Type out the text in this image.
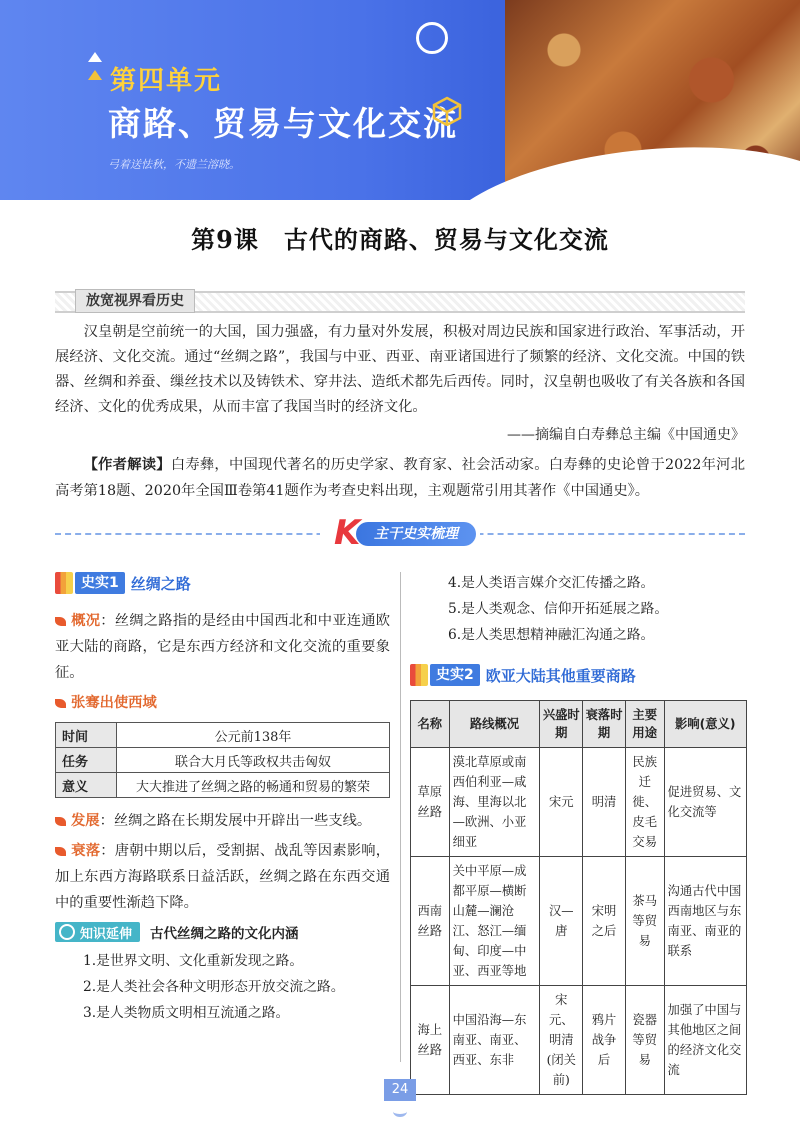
第四单元
商路、贸易与文化交流
弓着送怯秋，不遗兰溶晓。
第9课　古代的商路、贸易与文化交流
放宽视界看历史
汉皇朝是空前统一的大国，国力强盛，有力量对外发展，积极对周边民族和国家进行政治、军事活动，开展经济、文化交流。通过“丝绸之路”，我国与中亚、西亚、南亚诸国进行了频繁的经济、文化交流。中国的铁器、丝绸和养蚕、缫丝技术以及铸铁术、穿井法、造纸术都先后西传。同时，汉皇朝也吸收了有关各族和各国经济、文化的优秀成果，从而丰富了我国当时的经济文化。
——摘编自白寿彝总主编《中国通史》
【作者解读】白寿彝，中国现代著名的历史学家、教育家、社会活动家。白寿彝的史论曾于2022年河北高考第18题、2020年全国Ⅲ卷第41题作为考查史料出现，主观题常引用其著作《中国通史》。
主干史实梳理
K
史实1 丝绸之路
概况：丝绸之路指的是经由中国西北和中亚连通欧亚大陆的商路，它是东西方经济和文化交流的重要象征。
张骞出使西域
时间	公元前138年
任务	联合大月氏等政权共击匈奴
意义	大大推进了丝绸之路的畅通和贸易的繁荣
发展：丝绸之路在长期发展中开辟出一些支线。
衰落：唐朝中期以后，受割据、战乱等因素影响，加上东西方海路联系日益活跃，丝绸之路在东西交通中的重要性渐趋下降。
知识延伸 古代丝绸之路的文化内涵
1.是世界文明、文化重新发现之路。
2.是人类社会各种文明形态开放交流之路。
3.是人类物质文明相互流通之路。
4.是人类语言媒介交汇传播之路。
5.是人类观念、信仰开拓延展之路。
6.是人类思想精神融汇沟通之路。
史实2 欧亚大陆其他重要商路
名称	路线概况	兴盛时期	衰落时期	主要用途	影响(意义)
草原丝路	漠北草原或南西伯利亚—咸海、里海以北—欧洲、小亚细亚	宋元	明清	民族迁徙、皮毛交易	促进贸易、文化交流等
西南丝路	关中平原—成都平原—横断山麓—澜沧江、怒江—缅甸、印度—中亚、西亚等地	汉—唐	宋明之后	茶马等贸易	沟通古代中国西南地区与东南亚、南亚的联系
海上丝路	中国沿海—东南亚、南亚、西亚、东非	宋元、明清(闭关前)	鸦片战争后	瓷器等贸易	加强了中国与其他地区之间的经济文化交流
24
